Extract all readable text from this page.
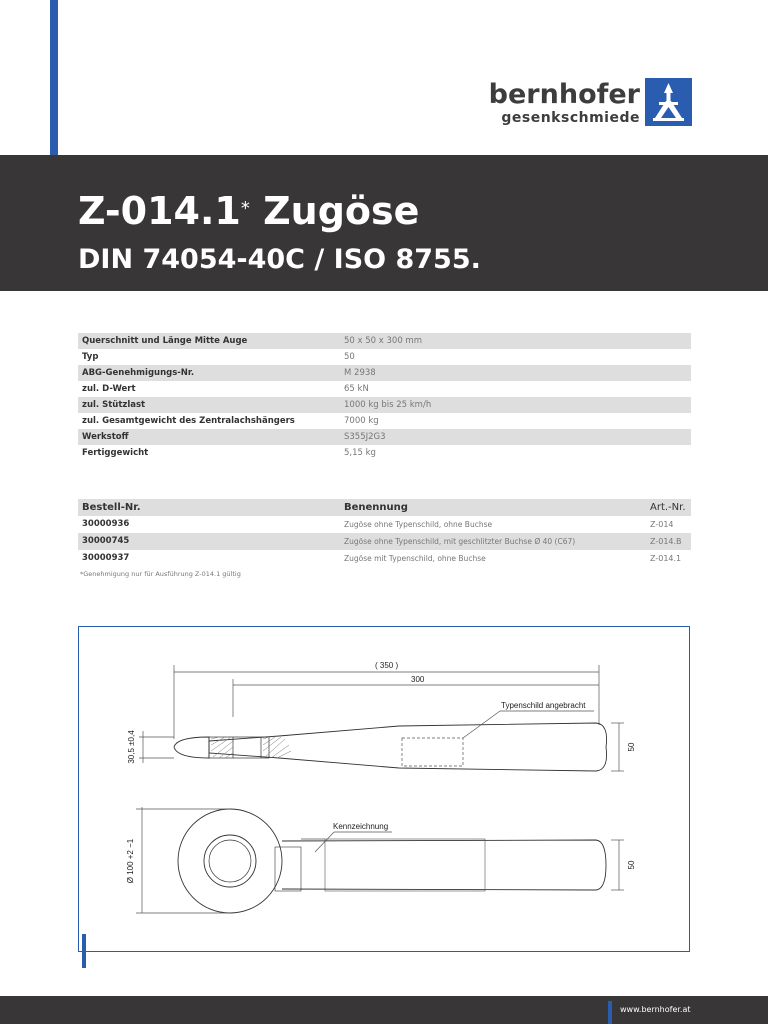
bernhofer
gesenkschmiede
Z-014.1* Zugöse
DIN 74054-40C / ISO 8755.
Querschnitt und Länge Mitte Auge	50 x 50 x 300 mm
Typ	50
ABG-Genehmigungs-Nr.	M 2938
zul. D-Wert	65 kN
zul. Stützlast	1000 kg bis 25 km/h
zul. Gesamtgewicht des Zentralachshängers	7000 kg
Werkstoff	S355J2G3
Fertiggewicht	5,15 kg
Bestell-Nr.	Benennung	Art.-Nr.
30000936	Zugöse ohne Typenschild, ohne Buchse	Z-014
30000745	Zugöse ohne Typenschild, mit geschlitzter Buchse Ø 40 (C67)	Z-014.B
30000937	Zugöse mit Typenschild, ohne Buchse	Z-014.1
*Genehmigung nur für Ausführung Z-014.1 gültig
( 350 )
300
Typenschild angebracht
Kennzeichnung
50
50
30,5 ±0,4
Ø 100 +2 −1
www.bernhofer.at
